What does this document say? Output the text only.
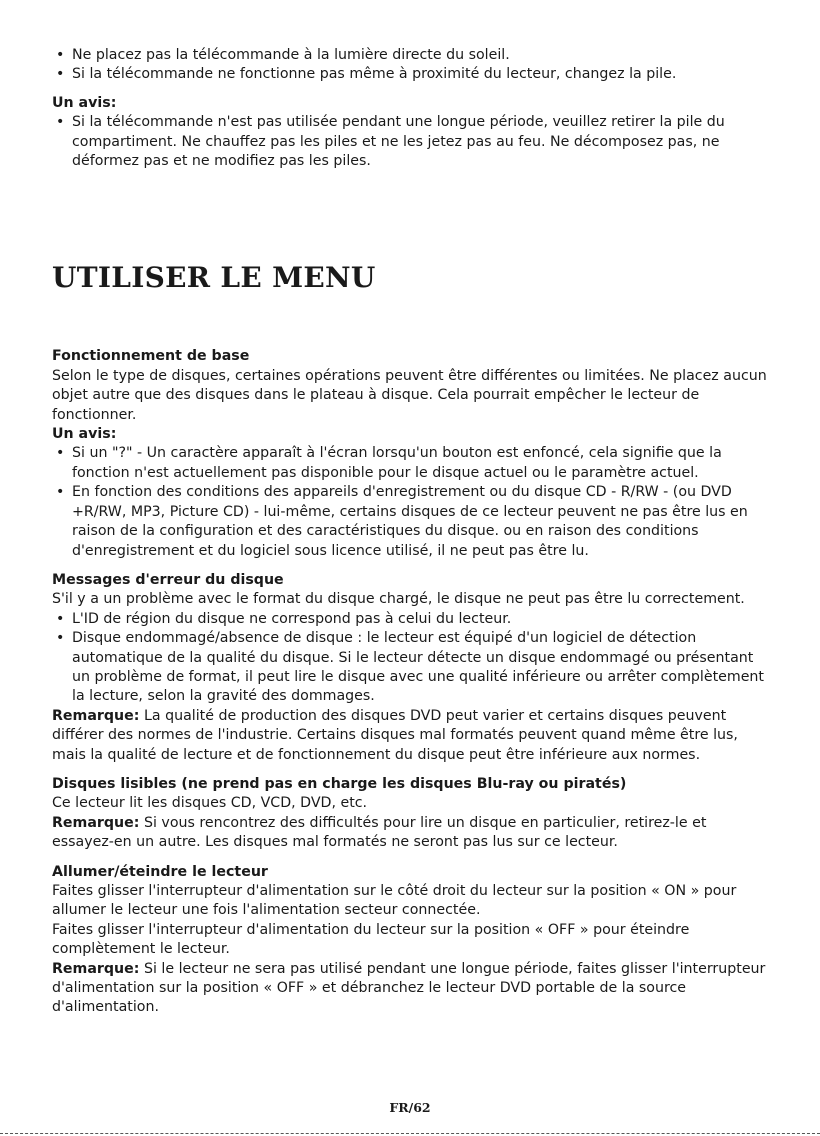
• Ne placez pas la télécommande à la lumière directe du soleil.
• Si la télécommande ne fonctionne pas même à proximité du lecteur, changez la pile.

Un avis:

• Si la télécommande n'est pas utilisée pendant une longue période, veuillez retirer la pile du compartiment. Ne chauffez pas les piles et ne les jetez pas au feu. Ne décomposez pas, ne déformez pas et ne modifiez pas les piles.
UTILISER LE MENU

Fonctionnement de base

Selon le type de disques, certaines opérations peuvent être différentes ou limitées. Ne placez aucun objet autre que des disques dans le plateau à disque. Cela pourrait empêcher le lecteur de fonctionner.

Un avis:

• Si un "?" - Un caractère apparaît à l'écran lorsqu'un bouton est enfoncé, cela signifie que la fonction n'est actuellement pas disponible pour le disque actuel ou le paramètre actuel.
• En fonction des conditions des appareils d'enregistrement ou du disque CD - R/RW - (ou DVD +R/RW, MP3, Picture CD) - lui-même, certains disques de ce lecteur peuvent ne pas être lus en raison de la configuration et des caractéristiques du disque. ou en raison des conditions d'enregistrement et du logiciel sous licence utilisé, il ne peut pas être lu.

Messages d'erreur du disque

S'il y a un problème avec le format du disque chargé, le disque ne peut pas être lu correctement.

• L'ID de région du disque ne correspond pas à celui du lecteur.
• Disque endommagé/absence de disque : le lecteur est équipé d'un logiciel de détection automatique de la qualité du disque. Si le lecteur détecte un disque endommagé ou présentant un problème de format, il peut lire le disque avec une qualité inférieure ou arrêter complètement la lecture, selon la gravité des dommages.

Remarque: La qualité de production des disques DVD peut varier et certains disques peuvent différer des normes de l'industrie. Certains disques mal formatés peuvent quand même être lus, mais la qualité de lecture et de fonctionnement du disque peut être inférieure aux normes.

Disques lisibles (ne prend pas en charge les disques Blu-ray ou piratés)

Ce lecteur lit les disques CD, VCD, DVD, etc.

Remarque: Si vous rencontrez des difficultés pour lire un disque en particulier, retirez-le et essayez-en un autre. Les disques mal formatés ne seront pas lus sur ce lecteur.

Allumer/éteindre le lecteur

Faites glisser l'interrupteur d'alimentation sur le côté droit du lecteur sur la position « ON » pour allumer le lecteur une fois l'alimentation secteur connectée.

Faites glisser l'interrupteur d'alimentation du lecteur sur la position « OFF » pour éteindre complètement le lecteur.

Remarque: Si le lecteur ne sera pas utilisé pendant une longue période, faites glisser l'interrupteur d'alimentation sur la position « OFF » et débranchez le lecteur DVD portable de la source d'alimentation.

FR/62
